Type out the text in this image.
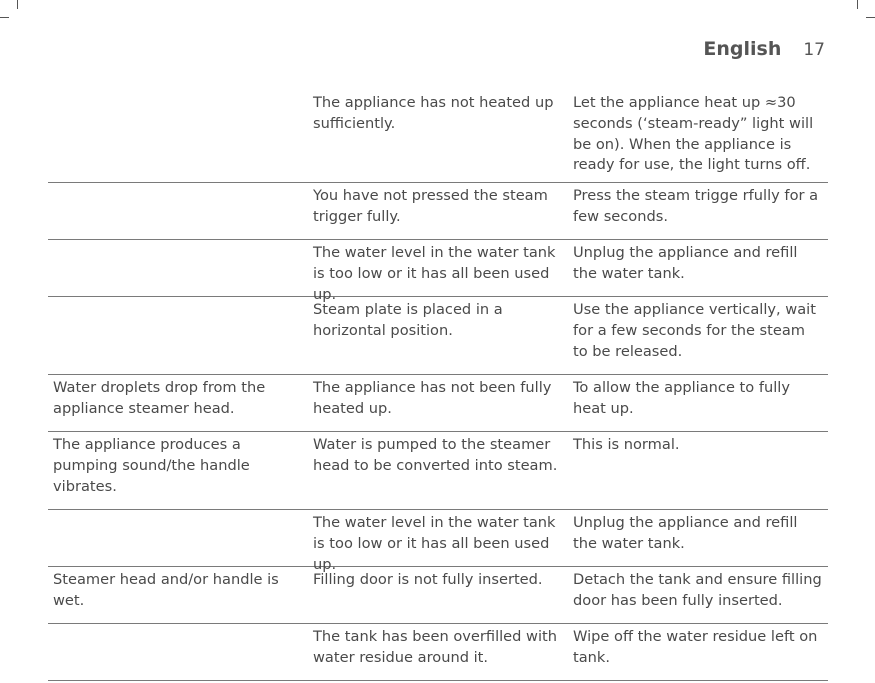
English 17
The appliance has not heated up sufficiently.
Let the appliance heat up ≈30 seconds (‘steam-ready” light will be on). When the appliance is ready for use, the light turns off.
You have not pressed the steam trigger fully.
Press the steam trigge rfully for a few seconds.
The water level in the water tank is too low or it has all been used up.
Unplug the appliance and refill the water tank.
Steam plate is placed in a horizontal position.
Use the appliance vertically, wait for a few seconds for the steam to be released.
Water droplets drop from the appliance steamer head.
The appliance has not been fully heated up.
To allow the appliance to fully heat up.
The appliance produces a pumping sound/the handle vibrates.
Water is pumped to the steamer head to be converted into steam.
This is normal.
The water level in the water tank is too low or it has all been used up.
Unplug the appliance and refill the water tank.
Steamer head and/or handle is wet.
Filling door is not fully inserted.	Detach the tank and ensure filling door has been fully inserted.
The tank has been overfilled with water residue around it.
Wipe off the water residue left on tank.
